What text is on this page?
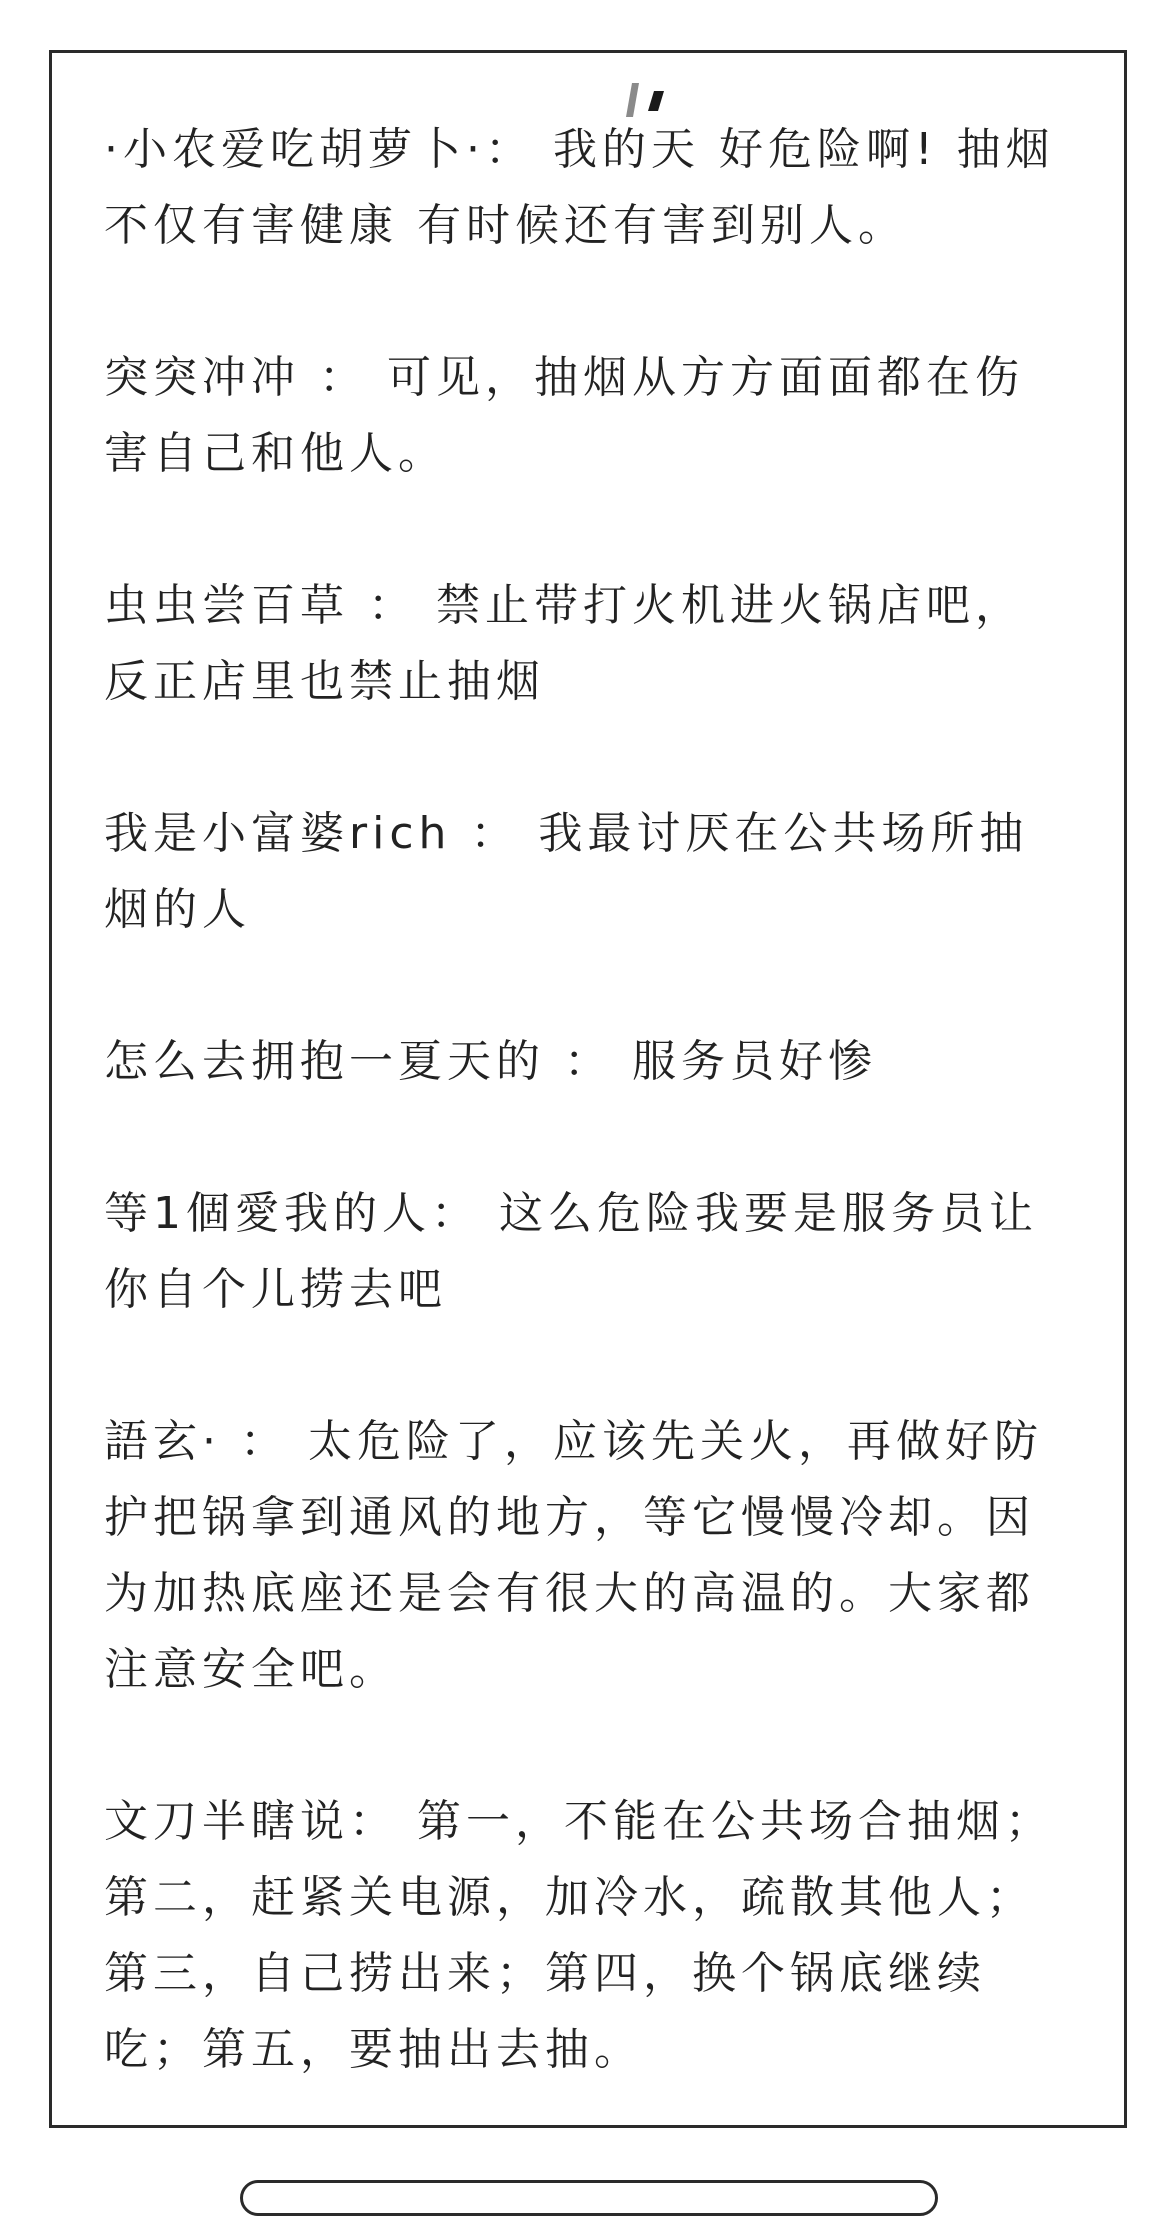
·小农爱吃胡萝卜·： 我的天 好危险啊! 抽烟不仅有害健康 有时候还有害到别人。

突突冲冲 ： 可见，抽烟从方方面面都在伤害自己和他人。

虫虫尝百草 ： 禁止带打火机进火锅店吧，反正店里也禁止抽烟

我是小富婆rich ： 我最讨厌在公共场所抽烟的人

怎么去拥抱一夏天的 ： 服务员好惨

等1個愛我的人： 这么危险我要是服务员让你自个儿捞去吧

語玄· ： 太危险了，应该先关火，再做好防护把锅拿到通风的地方，等它慢慢冷却。因为加热底座还是会有很大的高温的。大家都注意安全吧。

文刀半瞎说： 第一，不能在公共场合抽烟；第二，赶紧关电源，加冷水，疏散其他人；第三，自己捞出来；第四，换个锅底继续吃；第五，要抽出去抽。
